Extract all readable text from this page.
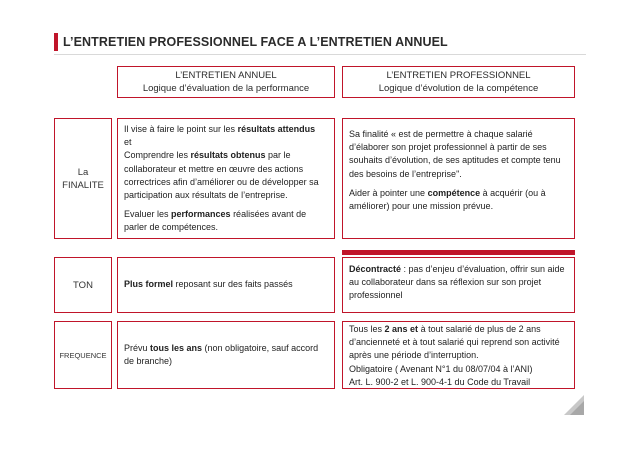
L’ENTRETIEN PROFESSIONNEL FACE A L’ENTRETIEN ANNUEL
L’ENTRETIEN ANNUEL
Logique d’évaluation de la performance
L’ENTRETIEN PROFESSIONNEL
Logique d’évolution de la compétence
La
FINALITE

Il vise à faire le point sur les résultats attendus

et

Comprendre les résultats obtenus par le collaborateur et mettre en œuvre des actions correctrices afin d’améliorer ou de développer sa participation aux résultats de l’entreprise.

Evaluer les performances réalisées avant de parler de compétences.

Sa finalité « est de permettre à chaque salarié d’élaborer son projet professionnel à partir de ses souhaits d’évolution, de ses aptitudes et compte tenu des besoins de l’entreprise".

Aider à pointer une compétence à acquérir (ou à améliorer) pour une mission prévue.

TON	Plus formel reposant sur des faits passés

Décontracté : pas d’enjeu d’évaluation, offrir sun aide au collaborateur dans sa réflexion sur son projet professionnel

FREQUENCE

Prévu tous les ans (non obligatoire, sauf accord de branche)

Tous les 2 ans et à tout salarié de plus de 2 ans d’ancienneté et à tout salarié qui reprend son activité après une période d’interruption.

Obligatoire ( Avenant N°1 du 08/07/04 à l’ANI)

Art. L. 900-2 et L. 900-4-1 du Code du Travail
